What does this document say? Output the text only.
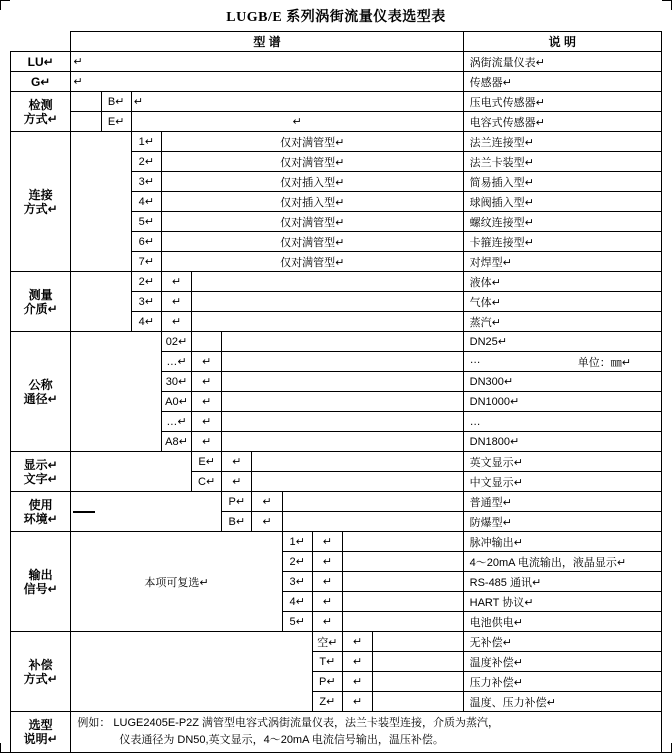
LUGB/E 系列涡街流量仪表选型表
	型 谱											说 明
LU↵	↵											涡街流量仪表↵
G↵	↵											传感器↵
检测
方式↵		B↵	↵									压电式传感器↵
		E↵	↵									电容式传感器↵
连接
方式↵			1↵	仅对满管型↵								法兰连接型↵
			2↵	仅对满管型↵								法兰卡装型↵
			3↵	仅对插入型↵								简易插入型↵
			4↵	仅对插入型↵								球阀插入型↵
			5↵	仅对满管型↵								螺纹连接型↵
			6↵	仅对满管型↵								卡箍连接型↵
			7↵	仅对满管型↵								对焊型↵
测量
介质↵			2↵	↵								液体↵
			3↵	↵								气体↵
			4↵	↵								蒸汽↵
公称
通径↵				02↵								DN25↵
				…↵	↵							… 单位：㎜↵

				30↵	↵							DN300↵
				A0↵	↵							DN1000↵
				…↵	↵							…
				A8↵	↵							DN1800↵
显示↵
文字↵					E↵	↵						英文显示↵
					C↵	↵						中文显示↵
使用
环境↵						P↵	↵					普通型↵
						B↵	↵					防爆型↵
输出
信号↵	本项可复选↵							1↵	↵			脉冲输出↵
								2↵	↵			4～20mA 电流输出，液晶显示↵
								3↵	↵			RS-485 通讯↵
								4↵	↵			HART 协议↵
								5↵	↵			电池供电↵
补偿
方式↵									空↵	↵		无补偿↵
									T↵	↵		温度补偿↵
									P↵	↵		压力补偿↵
									Z↵	↵		温度、压力补偿↵
选型
说明↵	
例如： LUGE2405E-P2Z 满管型电容式涡街流量仪表，法兰卡装型连接，介质为蒸汽，
仪表通径为 DN50,英文显示，4～20mA 电流信号输出，温压补偿。
